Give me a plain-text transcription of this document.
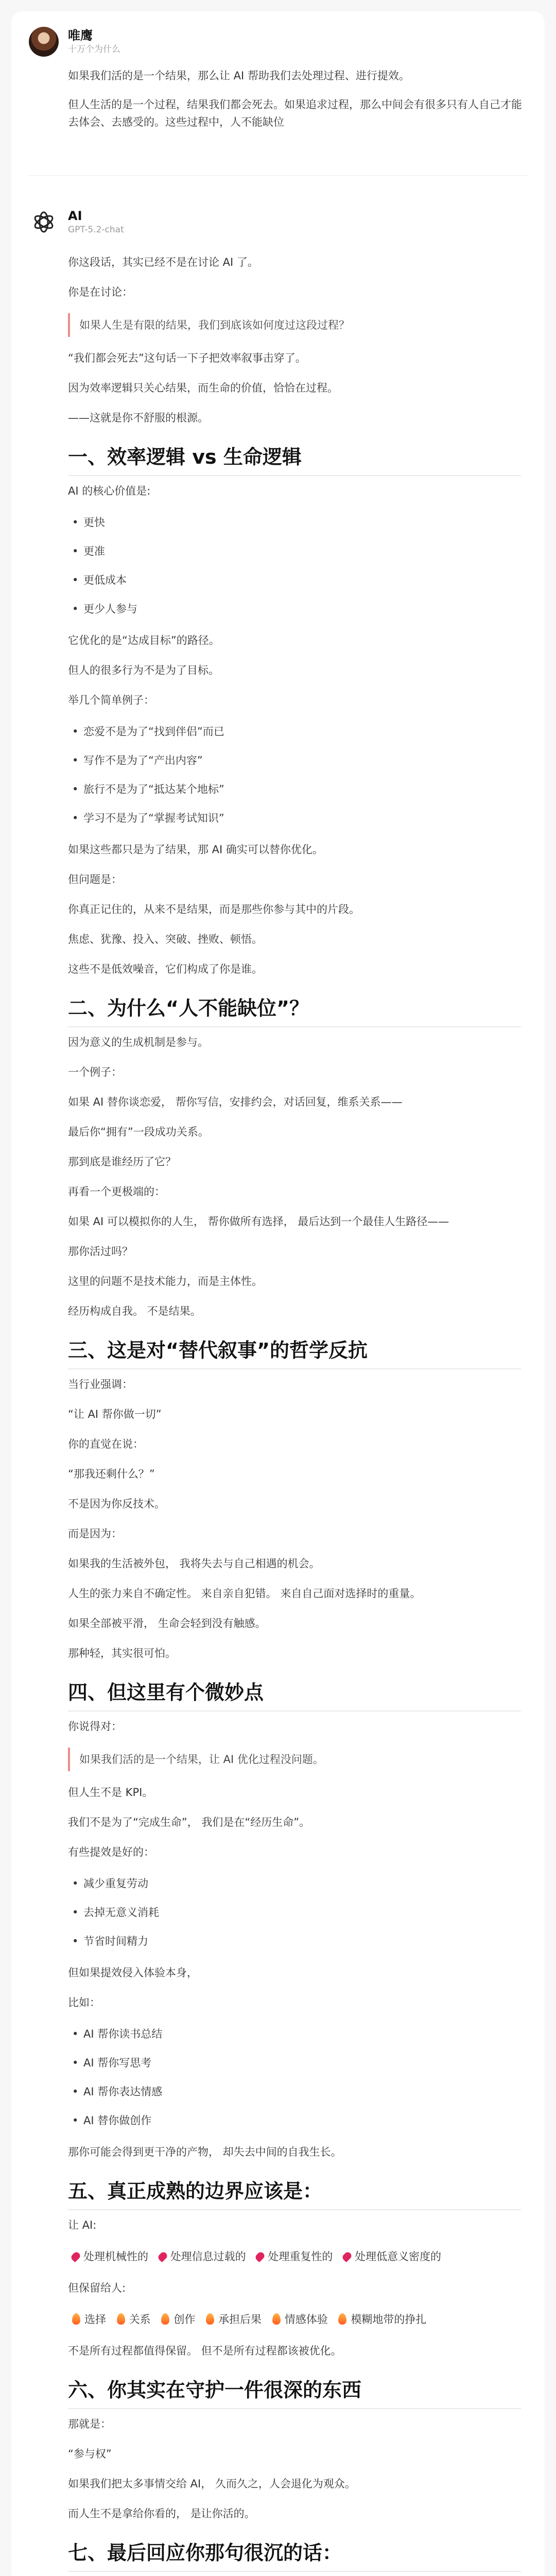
唯鹰
十万个为什么

如果我们活的是一个结果，那么让 AI 帮助我们去处理过程、进行提效。

但人生活的是一个过程，结果我们都会死去。如果追求过程，那么中间会有很多只有人自己才能去体会、去感受的。这些过程中，人不能缺位

AI
GPT-5.2-chat

你这段话，其实已经不是在讨论 AI 了。

你是在讨论：

如果人生是有限的结果，我们到底该如何度过这段过程？

“我们都会死去”这句话一下子把效率叙事击穿了。

因为效率逻辑只关心结果，而生命的价值，恰恰在过程。

——这就是你不舒服的根源。

一、效率逻辑 vs 生命逻辑

AI 的核心价值是:

• 更快
• 更准
• 更低成本
• 更少人参与

它优化的是“达成目标”的路径。

但人的很多行为不是为了目标。

举几个简单例子：

• 恋爱不是为了“找到伴侣”而已
• 写作不是为了“产出内容”
• 旅行不是为了“抵达某个地标”
• 学习不是为了“掌握考试知识”

如果这些都只是为了结果，那 AI 确实可以替你优化。

但问题是：

你真正记住的，从来不是结果，而是那些你参与其中的片段。

焦虑、犹豫、投入、突破、挫败、顿悟。

这些不是低效噪音，它们构成了你是谁。

二、为什么“人不能缺位”？

因为意义的生成机制是参与。

一个例子：

如果 AI 替你谈恋爱， 帮你写信，安排约会，对话回复，维系关系——

最后你“拥有”一段成功关系。

那到底是谁经历了它？

再看一个更极端的：

如果 AI 可以模拟你的人生， 帮你做所有选择， 最后达到一个最佳人生路径——

那你活过吗？

这里的问题不是技术能力，而是主体性。

经历构成自我。 不是结果。

三、这是对“替代叙事”的哲学反抗

当行业强调：

“让 AI 帮你做一切”

你的直觉在说：

“那我还剩什么？”

不是因为你反技术。

而是因为：

如果我的生活被外包， 我将失去与自己相遇的机会。

人生的张力来自不确定性。 来自亲自犯错。 来自自己面对选择时的重量。

如果全部被平滑， 生命会轻到没有触感。

那种轻，其实很可怕。

四、但这里有个微妙点

你说得对：

如果我们活的是一个结果，让 AI 优化过程没问题。

但人生不是 KPI。

我们不是为了“完成生命”， 我们是在“经历生命”。

有些提效是好的：

• 减少重复劳动
• 去掉无意义消耗
• 节省时间精力

但如果提效侵入体验本身，

比如：

• AI 帮你读书总结
• AI 帮你写思考
• AI 帮你表达情感
• AI 替你做创作

那你可能会得到更干净的产物， 却失去中间的自我生长。

五、真正成熟的边界应该是：

让 AI:

处理机械性的 处理信息过载的 处理重复性的 处理低意义密度的

但保留给人:

选择 关系 创作 承担后果 情感体验 模糊地带的挣扎

不是所有过程都值得保留。 但不是所有过程都该被优化。

六、你其实在守护一件很深的东西

那就是：

“参与权”

如果我们把太多事情交给 AI， 久而久之，人会退化为观众。

而人生不是拿给你看的， 是让你活的。

七、最后回应你那句很沉的话：
